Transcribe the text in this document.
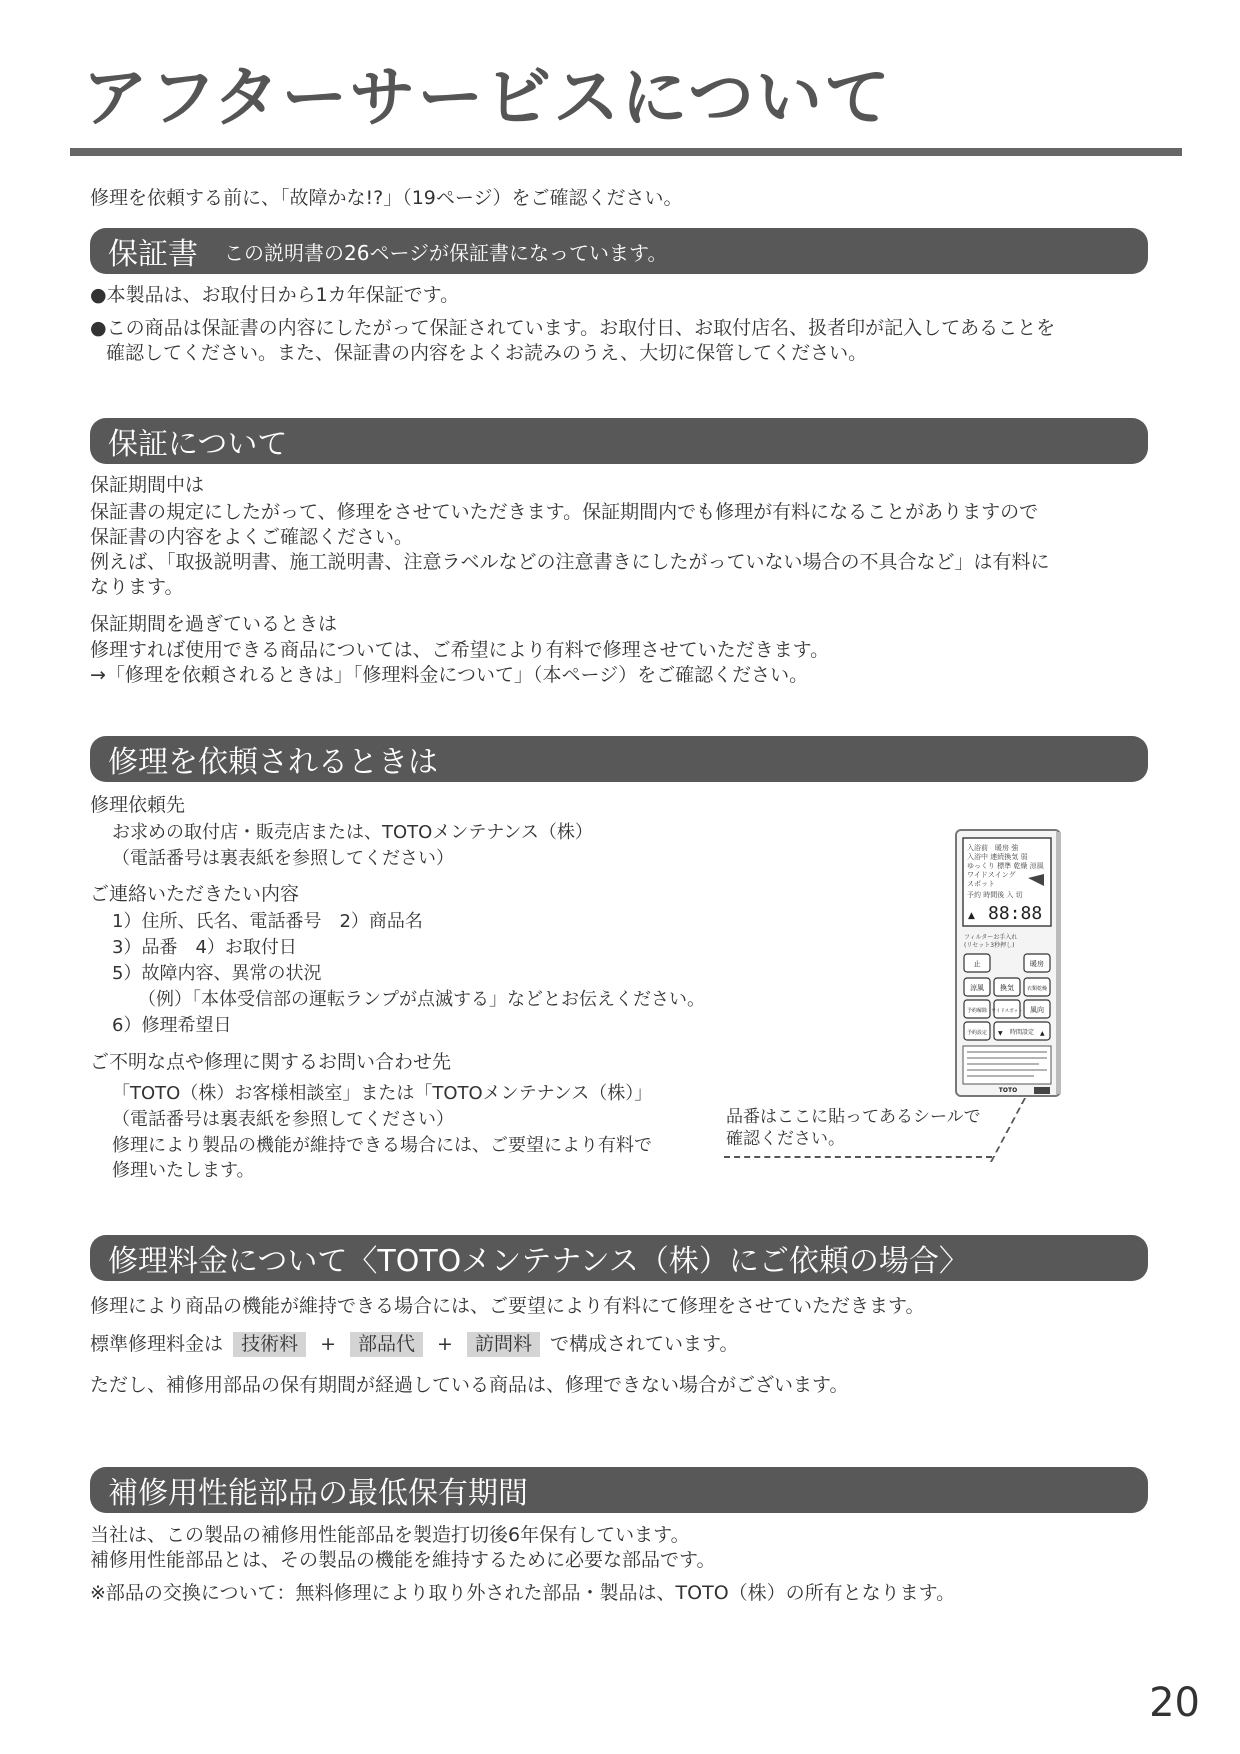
アフターサービスについて
修理を依頼する前に、「故障かな!?」（19ページ）をご確認ください。
保証書 この説明書の26ページが保証書になっています。
●本製品は、お取付日から1カ年保証です。
●この商品は保証書の内容にしたがって保証されています。お取付日、お取付店名、扱者印が記入してあることを
確認してください。また、保証書の内容をよくお読みのうえ、大切に保管してください。
保証について
保証期間中は
保証書の規定にしたがって、修理をさせていただきます。保証期間内でも修理が有料になることがありますので
保証書の内容をよくご確認ください。
例えば、「取扱説明書、施工説明書、注意ラベルなどの注意書きにしたがっていない場合の不具合など」は有料に
なります。
保証期間を過ぎているときは
修理すれば使用できる商品については、ご希望により有料で修理させていただきます。
→「修理を依頼されるときは」「修理料金について」（本ページ）をご確認ください。
修理を依頼されるときは
修理依頼先
お求めの取付店・販売店または、TOTOメンテナンス（株）
（電話番号は裏表紙を参照してください）
ご連絡いただきたい内容
1）住所、氏名、電話番号　2）商品名
3）品番　4）お取付日
5）故障内容、異常の状況
（例）「本体受信部の運転ランプが点滅する」などとお伝えください。
6）修理希望日
ご不明な点や修理に関するお問い合わせ先
「TOTO（株）お客様相談室」または「TOTOメンテナンス（株）」
（電話番号は裏表紙を参照してください）
修理により製品の機能が維持できる場合には、ご要望により有料で
修理いたします。
品番はここに貼ってあるシールで
確認ください。
入浴前　暖房 強
入浴中 連続換気 弱
ゆっくり 標準 乾燥 涼風
ワイドスイング
スポット
予約 時間後 入 切
▲ 88:88
フィルターお手入れ
(リセット3秒押し)
止	暖房
涼風 換気	衣類乾燥
予約解除 ワイドスポット 風向
予約設定	時間設定
▼	▲
TOTO
修理料金について〈TOTOメンテナンス（株）にご依頼の場合〉
修理により商品の機能が維持できる場合には、ご要望により有料にて修理をさせていただきます。
標準修理料金は 技術料 + 部品代 + 訪問料 で構成されています。
ただし、補修用部品の保有期間が経過している商品は、修理できない場合がございます。
補修用性能部品の最低保有期間
当社は、この製品の補修用性能部品を製造打切後6年保有しています。
補修用性能部品とは、その製品の機能を維持するために必要な部品です。
※部品の交換について：無料修理により取り外された部品・製品は、TOTO（株）の所有となります。
20
